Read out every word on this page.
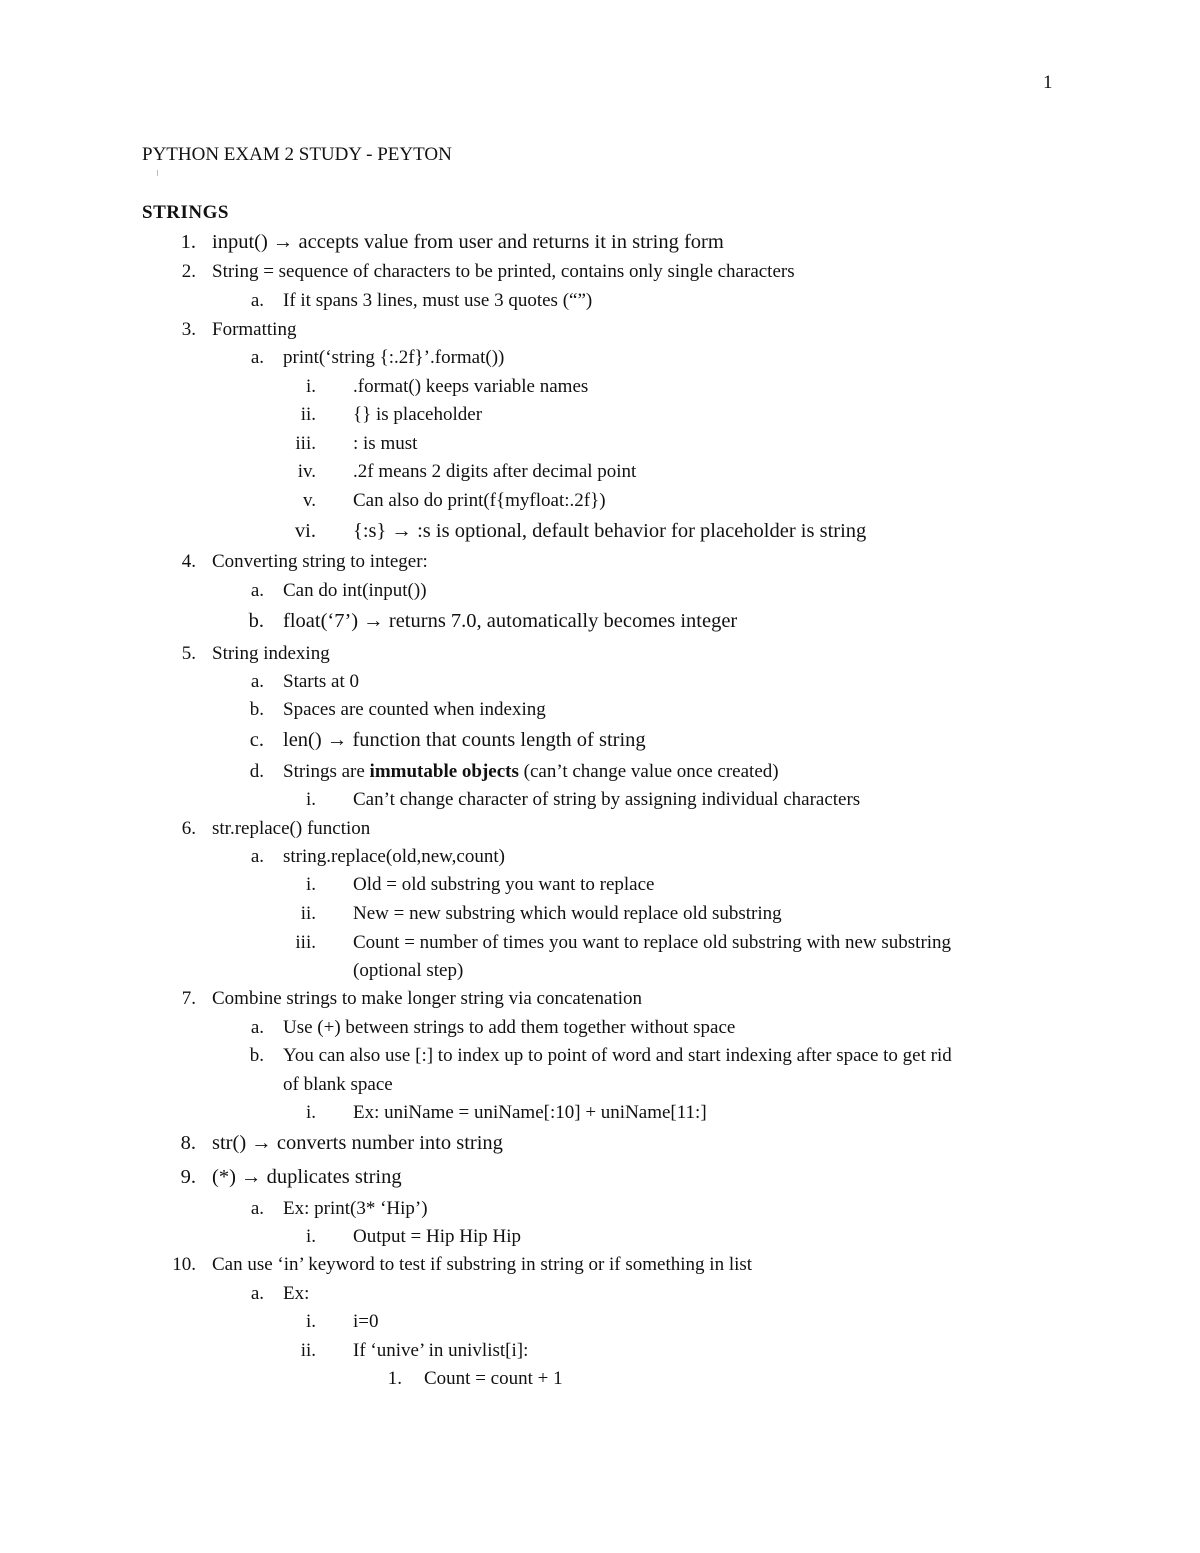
1
PYTHON EXAM 2 STUDY - PEYTON
STRINGS
1. input() → accepts value from user and returns it in string form
2. String = sequence of characters to be printed, contains only single characters
a. If it spans 3 lines, must use 3 quotes (“”)
3. Formatting
a. print(‘string {:.2f}’.format())
i. .format() keeps variable names
ii. {} is placeholder
iii. : is must
iv. .2f means 2 digits after decimal point
v. Can also do print(f{myfloat:.2f})
vi. {:s} → :s is optional, default behavior for placeholder is string
4. Converting string to integer:
a. Can do int(input())
b. float(‘7’) → returns 7.0, automatically becomes integer
5. String indexing
a. Starts at 0
b. Spaces are counted when indexing
c. len() → function that counts length of string
d. Strings are immutable objects (can’t change value once created)
i. Can’t change character of string by assigning individual characters
6. str.replace() function
a. string.replace(old,new,count)
i. Old = old substring you want to replace
ii. New = new substring which would replace old substring
iii. Count = number of times you want to replace old substring with new substring
(optional step)
7. Combine strings to make longer string via concatenation
a. Use (+) between strings to add them together without space
b. You can also use [:] to index up to point of word and start indexing after space to get rid
of blank space
i. Ex: uniName = uniName[:10] + uniName[11:]
8. str() → converts number into string
9. (*) → duplicates string
a. Ex: print(3* ‘Hip’)
i. Output = Hip Hip Hip
10. Can use ‘in’ keyword to test if substring in string or if something in list
a. Ex:
i. i=0
ii. If ‘unive’ in univlist[i]:
1. Count = count + 1
